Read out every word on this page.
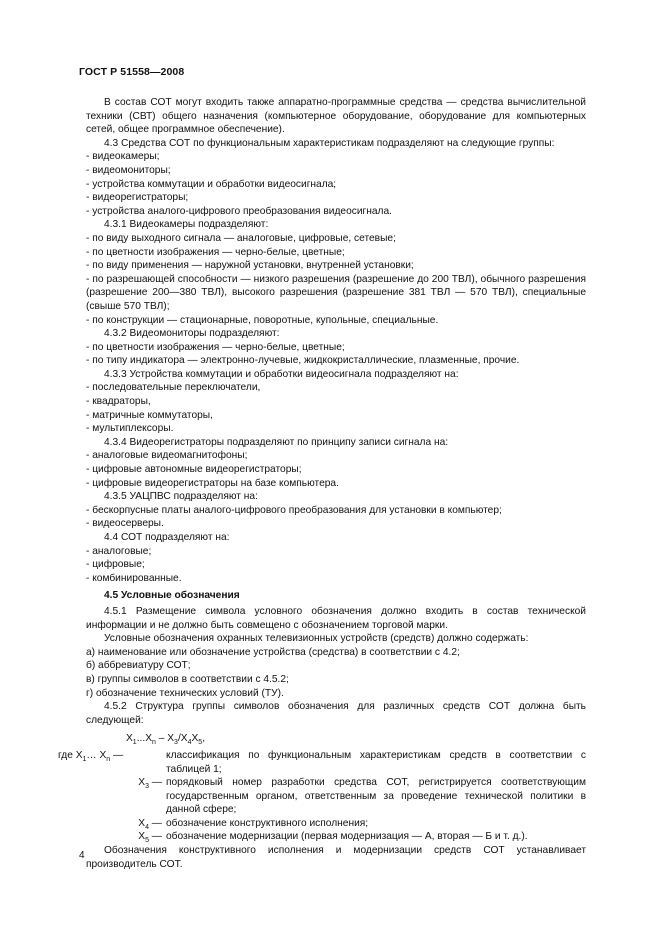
ГОСТ Р 51558—2008

В состав СОТ могут входить также аппаратно-программные средства — средства вычислительной техники (СВТ) общего назначения (компьютерное оборудование, оборудование для компьютерных сетей, общее программное обеспечение).

4.3 Средства СОТ по функциональным характеристикам подразделяют на следующие группы:

- видеокамеры;

- видеомониторы;

- устройства коммутации и обработки видеосигнала;

- видеорегистраторы;

- устройства аналого-цифрового преобразования видеосигнала.

4.3.1 Видеокамеры подразделяют:

- по виду выходного сигнала — аналоговые, цифровые, сетевые;

- по цветности изображения — черно-белые, цветные;

- по виду применения — наружной установки, внутренней установки;

- по разрешающей способности — низкого разрешения (разрешение до 200 ТВЛ), обычного разрешения (разрешение 200—380 ТВЛ), высокого разрешения (разрешение 381 ТВЛ — 570 ТВЛ), специальные (свыше 570 ТВЛ);

- по конструкции — стационарные, поворотные, купольные, специальные.

4.3.2 Видеомониторы подразделяют:

- по цветности изображения — черно-белые, цветные;

- по типу индикатора — электронно-лучевые, жидкокристаллические, плазменные, прочие.

4.3.3 Устройства коммутации и обработки видеосигнала подразделяют на:

- последовательные переключатели,

- квадраторы,

- матричные коммутаторы,

- мультиплексоры.

4.3.4 Видеорегистраторы подразделяют по принципу записи сигнала на:

- аналоговые видеомагнитофоны;

- цифровые автономные видеорегистраторы;

- цифровые видеорегистраторы на базе компьютера.

4.3.5 УАЦПВС подразделяют на:

- бескорпусные платы аналого-цифрового преобразования для установки в компьютер;

- видеосерверы.

4.4 СОТ подразделяют на:

- аналоговые;

- цифровые;

- комбинированные.

4.5 Условные обозначения

4.5.1 Размещение символа условного обозначения должно входить в состав технической информации и не должно быть совмещено с обозначением торговой марки.

Условные обозначения охранных телевизионных устройств (средств) должно содержать:

а) наименование или обозначение устройства (средства) в соответствии с 4.2;

б) аббревиатуру СОТ;

в) группы символов в соответствии с 4.5.2;

г) обозначение технических условий (ТУ).

4.5.2 Структура группы символов обозначения для различных средств СОТ должна быть следующей:

$X_1...X_n - X_3/X_4X_5$,

где $X_1\dots$ $X_n$ —	классификация по функциональным характеристикам средств в соответствии с таблицей 1;
$X_3$ — порядковый номер разработки средства СОТ, регистрируется соответствующим государственным органом, ответственным за проведение технической политики в данной сфере;
$X_4$ — обозначение конструктивного исполнения;
$X_5$ — обозначение модернизации (первая модернизация — А, вторая — Б и т. д.).

Обозначения конструктивного исполнения и модернизации средств СОТ устанавливает производитель СОТ.

4
